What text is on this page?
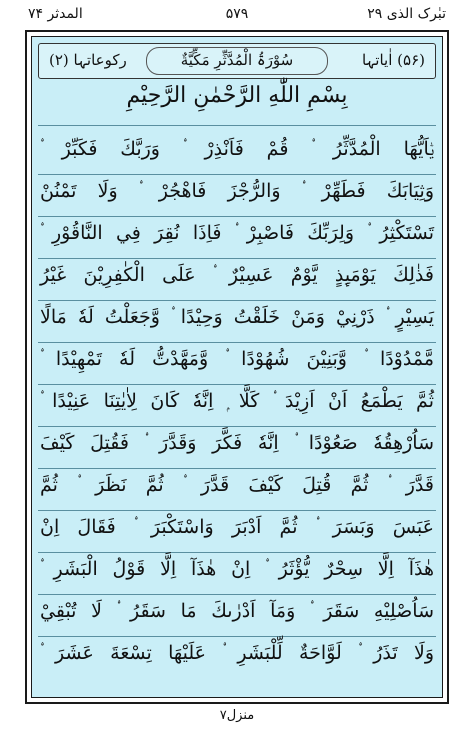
تبٰرک الذی ۲۹
۵۷۹
المدثر ۷۴
(۵۶) اٰیاتہا
سُوْرَۃُ الْمُدَّثِّرِ مَكِّيَّةٌ
رکوعاتہا (۲)
بِسْمِ اللّٰهِ الرَّحْمٰنِ الرَّحِيْمِ
يٰۤاَيُّهَا الْمُدَّثِّرُ ۟ قُمْ فَاَنْذِرْ ۟ وَرَبَّكَ فَكَبِّرْ ۟
وَثِيَابَكَ فَطَهِّرْ ۟ وَالرُّجْزَ فَاهْجُرْ ۟ وَلَا تَمْنُنْ
تَسْتَكْثِرُ ۟ وَلِرَبِّكَ فَاصْبِرْ ۟ فَاِذَا نُقِرَ فِي النَّاقُوْرِ ۟
فَذٰلِكَ يَوْمَىِٕذٍ يَّوْمٌ عَسِيْرٌ ۟ عَلَى الْكٰفِرِيْنَ غَيْرُ
يَسِيْرٍ ۟ ذَرْنِيْ وَمَنْ خَلَقْتُ وَحِيْدًا ۟ وَّجَعَلْتُ لَهٗ مَالًا
مَّمْدُوْدًا ۟ وَّبَنِيْنَ شُهُوْدًا ۟ وَّمَهَّدْتُّ لَهٗ تَمْهِيْدًا ۟
ثُمَّ يَطْمَعُ اَنْ اَزِيْدَ ۟ كَلَّا ۭ اِنَّهٗ كَانَ لِاٰيٰتِنَا عَنِيْدًا ۟
سَاُرْهِقُهٗ صَعُوْدًا ۟ اِنَّهٗ فَكَّرَ وَقَدَّرَ ۟ فَقُتِلَ كَيْفَ
قَدَّرَ ۟ ثُمَّ قُتِلَ كَيْفَ قَدَّرَ ۟ ثُمَّ نَظَرَ ۟ ثُمَّ
عَبَسَ وَبَسَرَ ۟ ثُمَّ اَدْبَرَ وَاسْتَكْبَرَ ۟ فَقَالَ اِنْ
هٰذَآ اِلَّا سِحْرٌ يُّؤْثَرُ ۟ اِنْ هٰذَآ اِلَّا قَوْلُ الْبَشَرِ ۟
سَاُصْلِيْهِ سَقَرَ ۟ وَمَآ اَدْرٰىكَ مَا سَقَرُ ۟ لَا تُبْقِيْ
وَلَا تَذَرُ ۟ لَوَّاحَةٌ لِّلْبَشَرِ ۟ عَلَيْهَا تِسْعَةَ عَشَرَ ۟
منزل۷
